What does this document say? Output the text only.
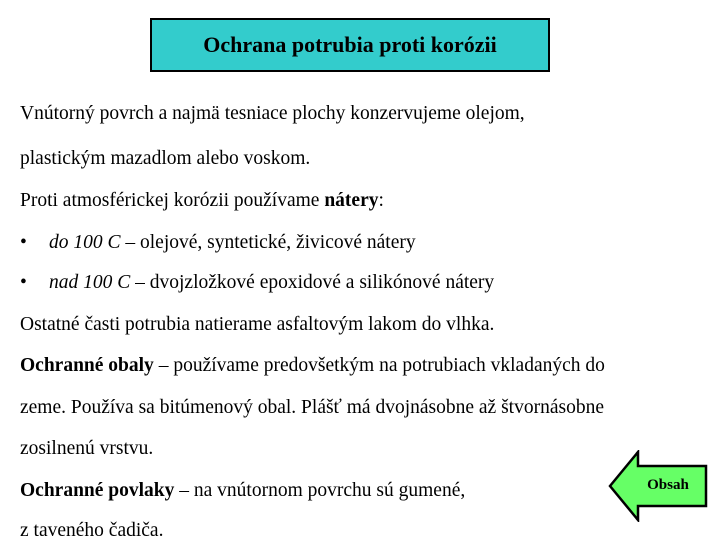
Ochrana potrubia proti korózii
Vnútorný povrch a najmä tesniace plochy konzervujeme olejom,
plastickým mazadlom alebo voskom.
Proti atmosférickej korózii používame nátery:
• do 100 C – olejové, syntetické, živicové nátery
• nad 100 C – dvojzložkové epoxidové a silikónové nátery
Ostatné časti potrubia natierame asfaltovým lakom do vlhka.
Ochranné obaly – používame predovšetkým na potrubiach vkladaných do
zeme. Používa sa bitúmenový obal. Plášť má dvojnásobne až štvornásobne
zosilnenú vrstvu.
Ochranné povlaky – na vnútornom povrchu sú gumené,
z taveného čadiča.
Obsah
